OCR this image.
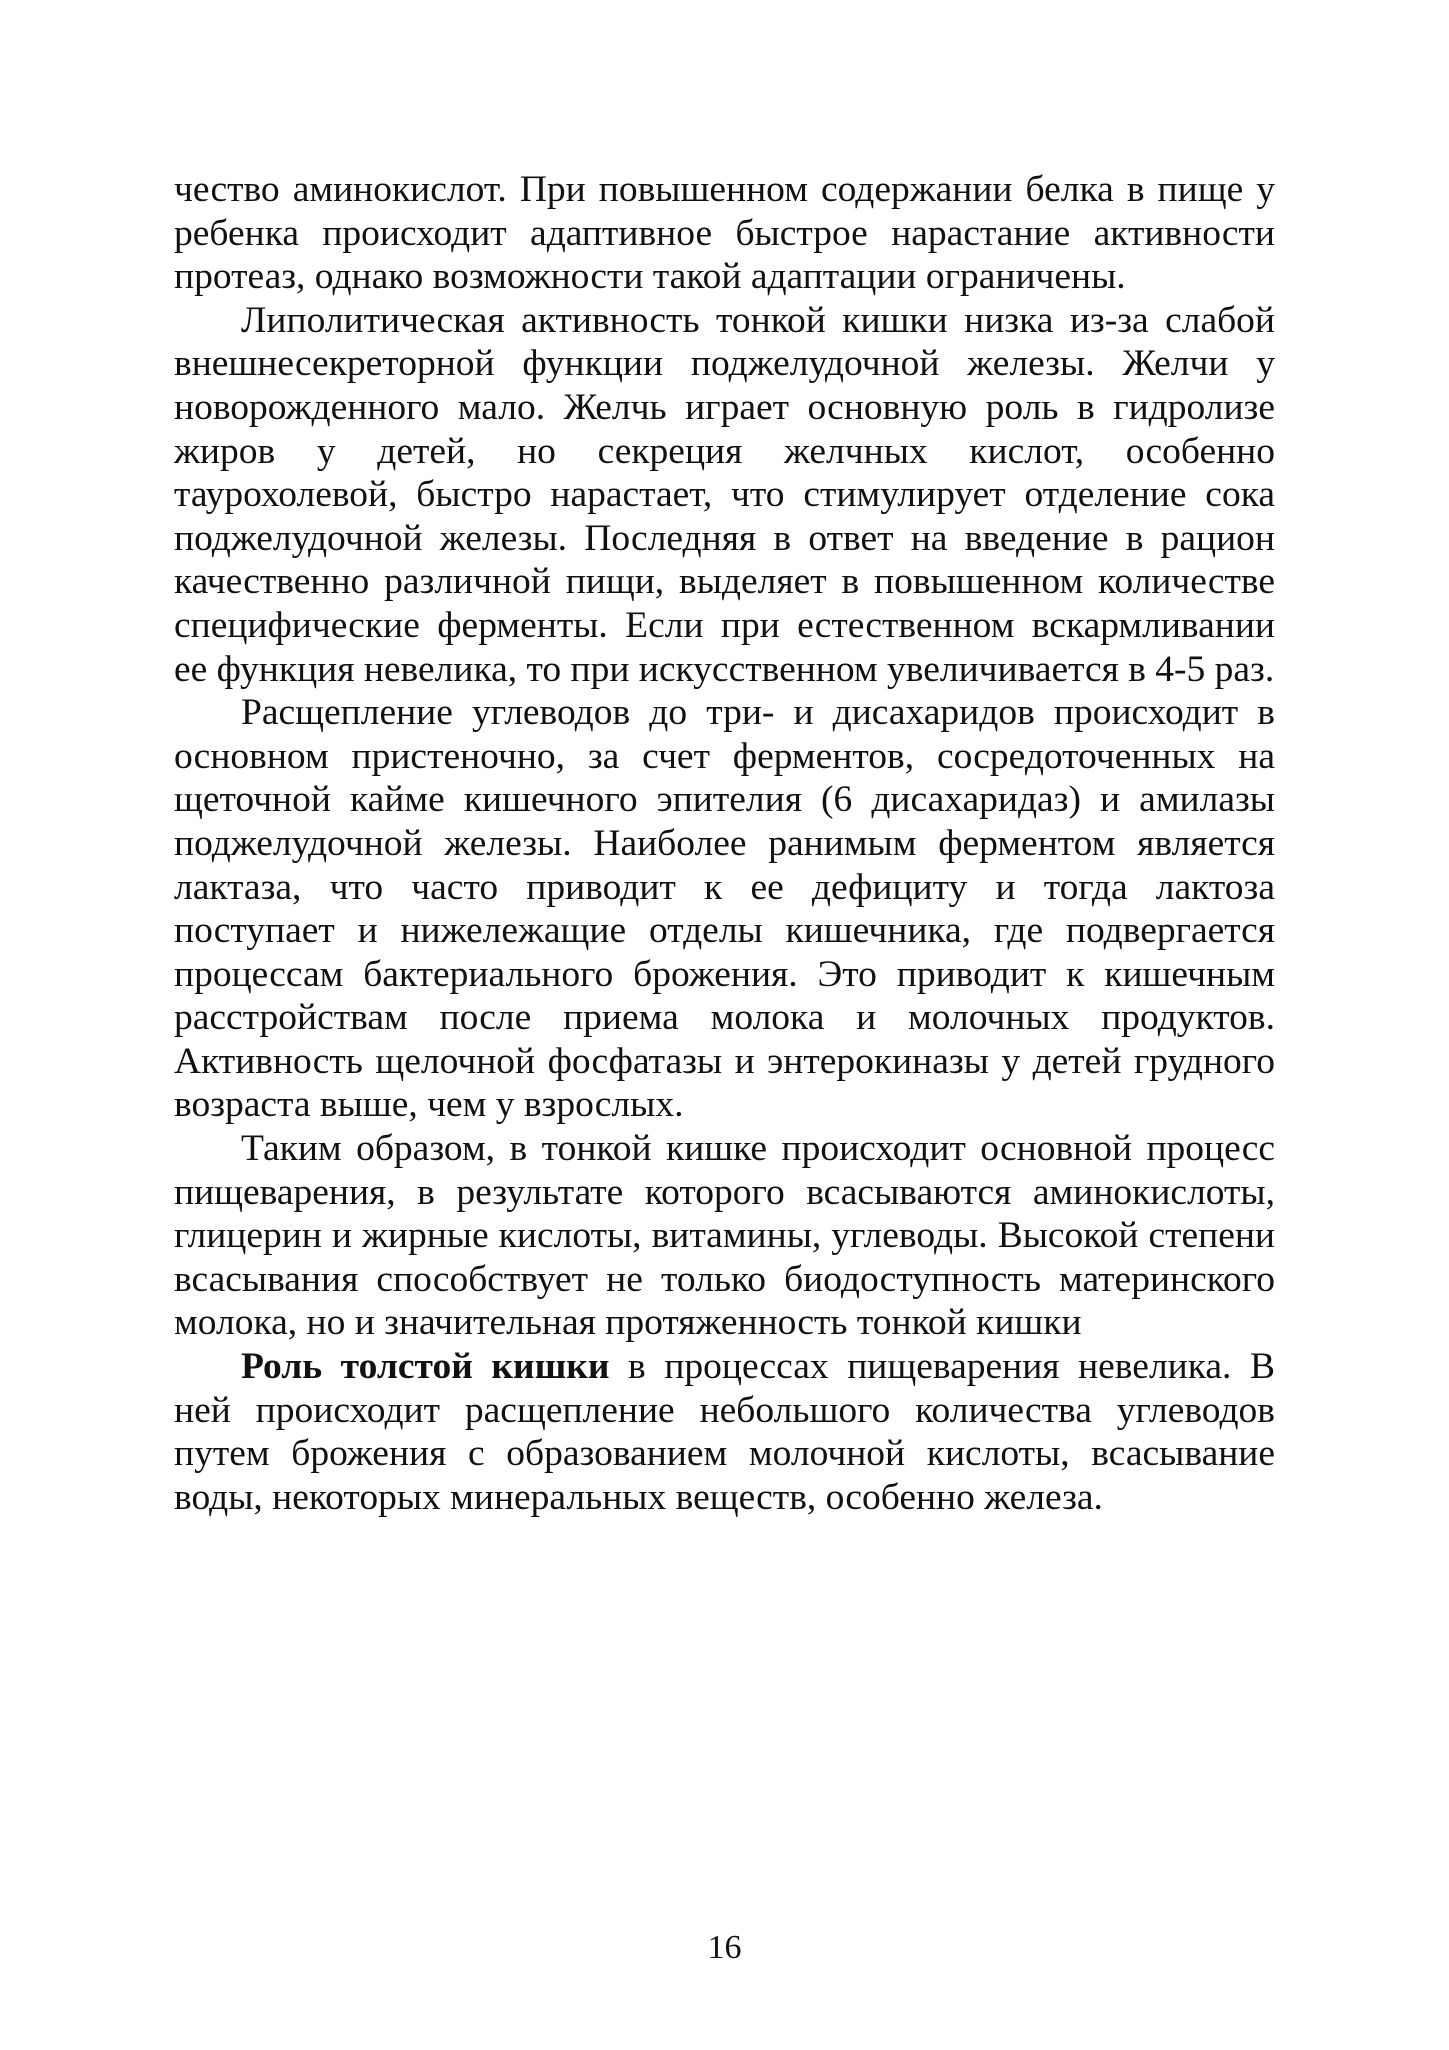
чество аминокислот. При повышенном содержании белка в пище у ребенка происходит адаптивное быстрое нарастание активности протеаз, однако возможности такой адаптации ограничены.

Липолитическая активность тонкой кишки низка из-за слабой внешнесекреторной функции поджелудочной железы. Желчи у новорожденного мало. Желчь играет основную роль в гидролизе жиров у детей, но секреция желчных кислот, особенно таурохолевой, быстро нарастает, что стимулирует отделение сока поджелудочной железы. Последняя в ответ на введение в рацион качественно различной пищи, выделяет в повышенном количестве специфические ферменты. Если при естественном вскармливании ее функция невелика, то при искусственном увеличивается в 4-5 раз.

Расщепление углеводов до три- и дисахаридов происходит в основном пристеночно, за счет ферментов, сосредоточенных на щеточной кайме кишечного эпителия (6 дисахаридаз) и амилазы поджелудочной железы. Наиболее ранимым ферментом является лактаза, что часто приводит к ее дефициту и тогда лактоза поступает и нижележащие отделы кишечника, где подвергается процессам бактериального брожения. Это приводит к кишечным расстройствам после приема молока и молочных продуктов. Активность щелочной фосфатазы и энтерокиназы у детей грудного возраста выше, чем у взрослых.

Таким образом, в тонкой кишке происходит основной процесс пищеварения, в результате которого всасываются аминокислоты, глицерин и жирные кислоты, витамины, углеводы. Высокой степени всасывания способствует не только биодоступность материнского молока, но и значительная протяженность тонкой кишки

Роль толстой кишки в процессах пищеварения невелика. В ней происходит расщепление небольшого количества углеводов путем брожения с образованием молочной кислоты, всасывание воды, некоторых минеральных веществ, особенно железа.

16
